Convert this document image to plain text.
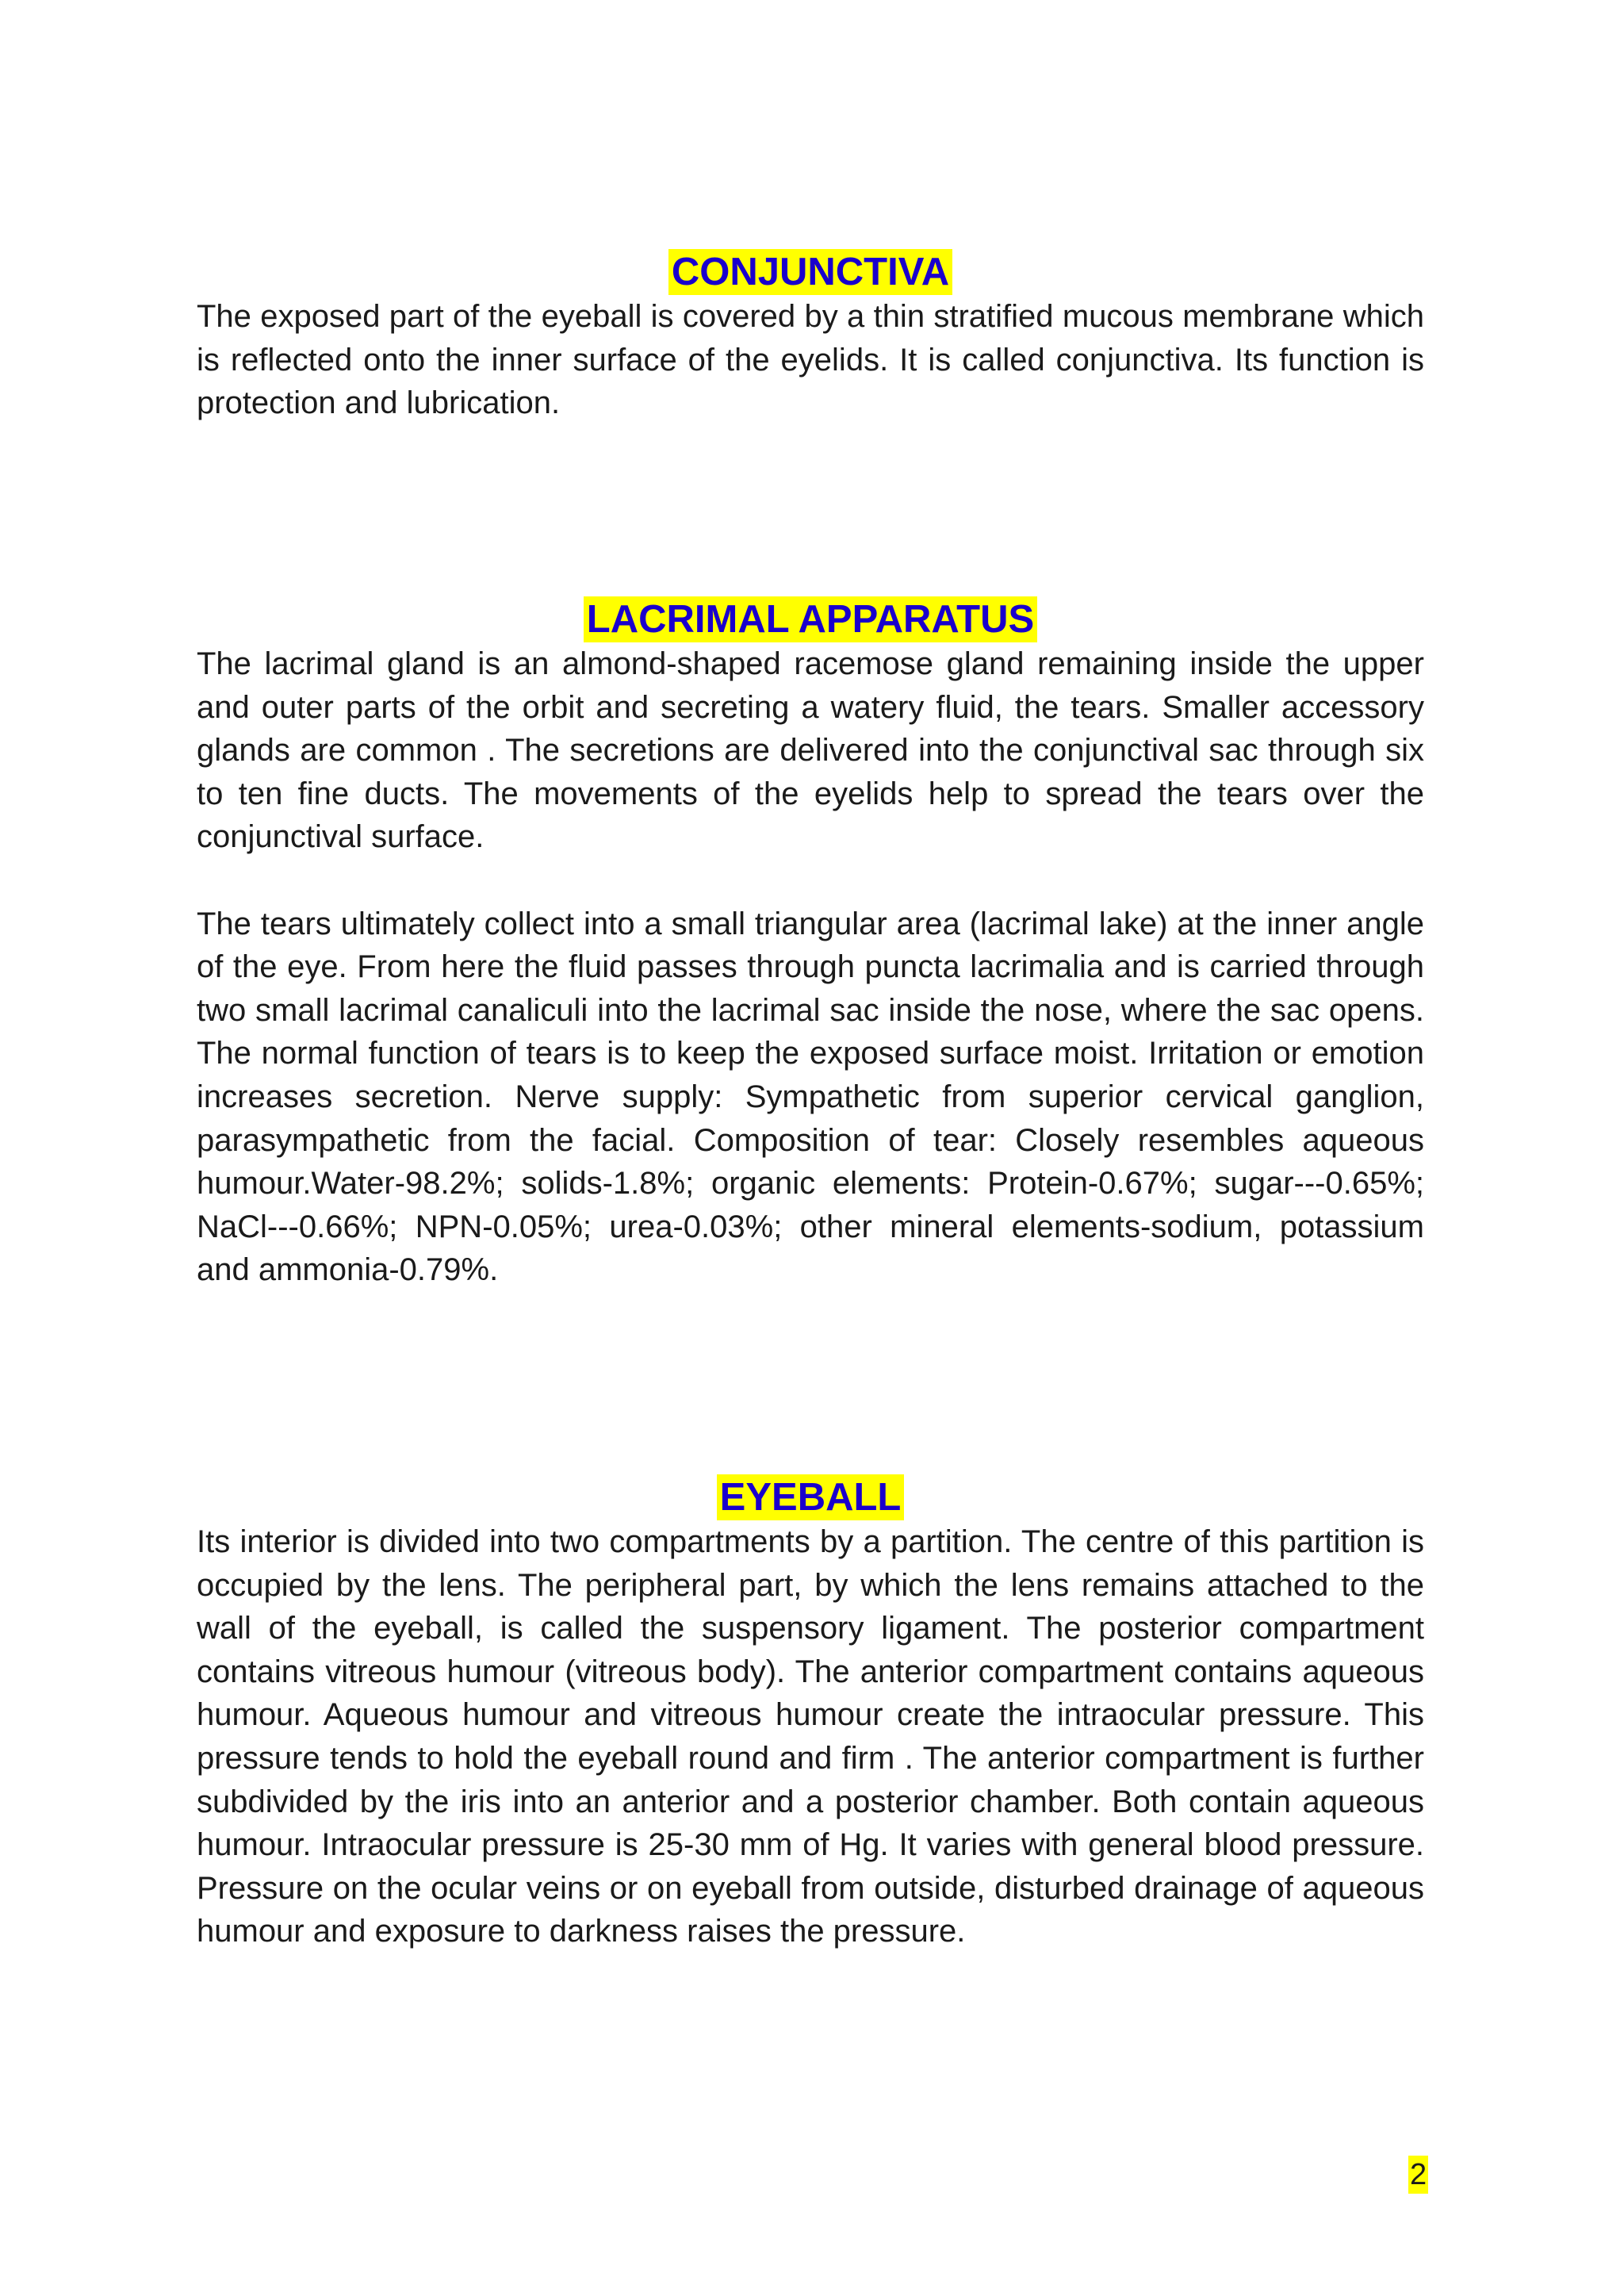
CONJUNCTIVA

The exposed part of the eyeball is covered by a thin stratified mucous membrane which is reflected onto the inner surface of the eyelids. It is called conjunctiva. Its function is protection and lubrication.

LACRIMAL APPARATUS

The lacrimal gland is an almond-shaped racemose gland remaining inside the upper and outer parts of the orbit and secreting a watery fluid, the tears. Smaller accessory glands are common . The secretions are delivered into the conjunctival sac through six to ten fine ducts. The movements of the eyelids help to spread the tears over the conjunctival surface.

The tears ultimately collect into a small triangular area (lacrimal lake) at the inner angle of the eye. From here the fluid passes through puncta lacrimalia and is carried through two small lacrimal canaliculi into the lacrimal sac inside the nose, where the sac opens. The normal function of tears is to keep the exposed surface moist. Irritation or emotion increases secretion. Nerve supply: Sympathetic from superior cervical ganglion, parasympathetic from the facial. Composition of tear: Closely resembles aqueous humour.Water-98.2%; solids-1.8%; organic elements: Protein-0.67%; sugar---0.65%; NaCl---0.66%; NPN-0.05%; urea-0.03%; other mineral elements-sodium, potassium and ammonia-0.79%.

EYEBALL

Its interior is divided into two compartments by a partition. The centre of this partition is occupied by the lens. The peripheral part, by which the lens remains attached to the wall of the eyeball, is called the suspensory ligament. The posterior compartment contains vitreous humour (vitreous body). The anterior compartment contains aqueous humour. Aqueous humour and vitreous humour create the intraocular pressure. This pressure tends to hold the eyeball round and firm . The anterior compartment is further subdivided by the iris into an anterior and a posterior chamber. Both contain aqueous humour. Intraocular pressure is 25-30 mm of Hg. It varies with general blood pressure. Pressure on the ocular veins or on eyeball from outside, disturbed drainage of aqueous humour and exposure to darkness raises the pressure.

2
